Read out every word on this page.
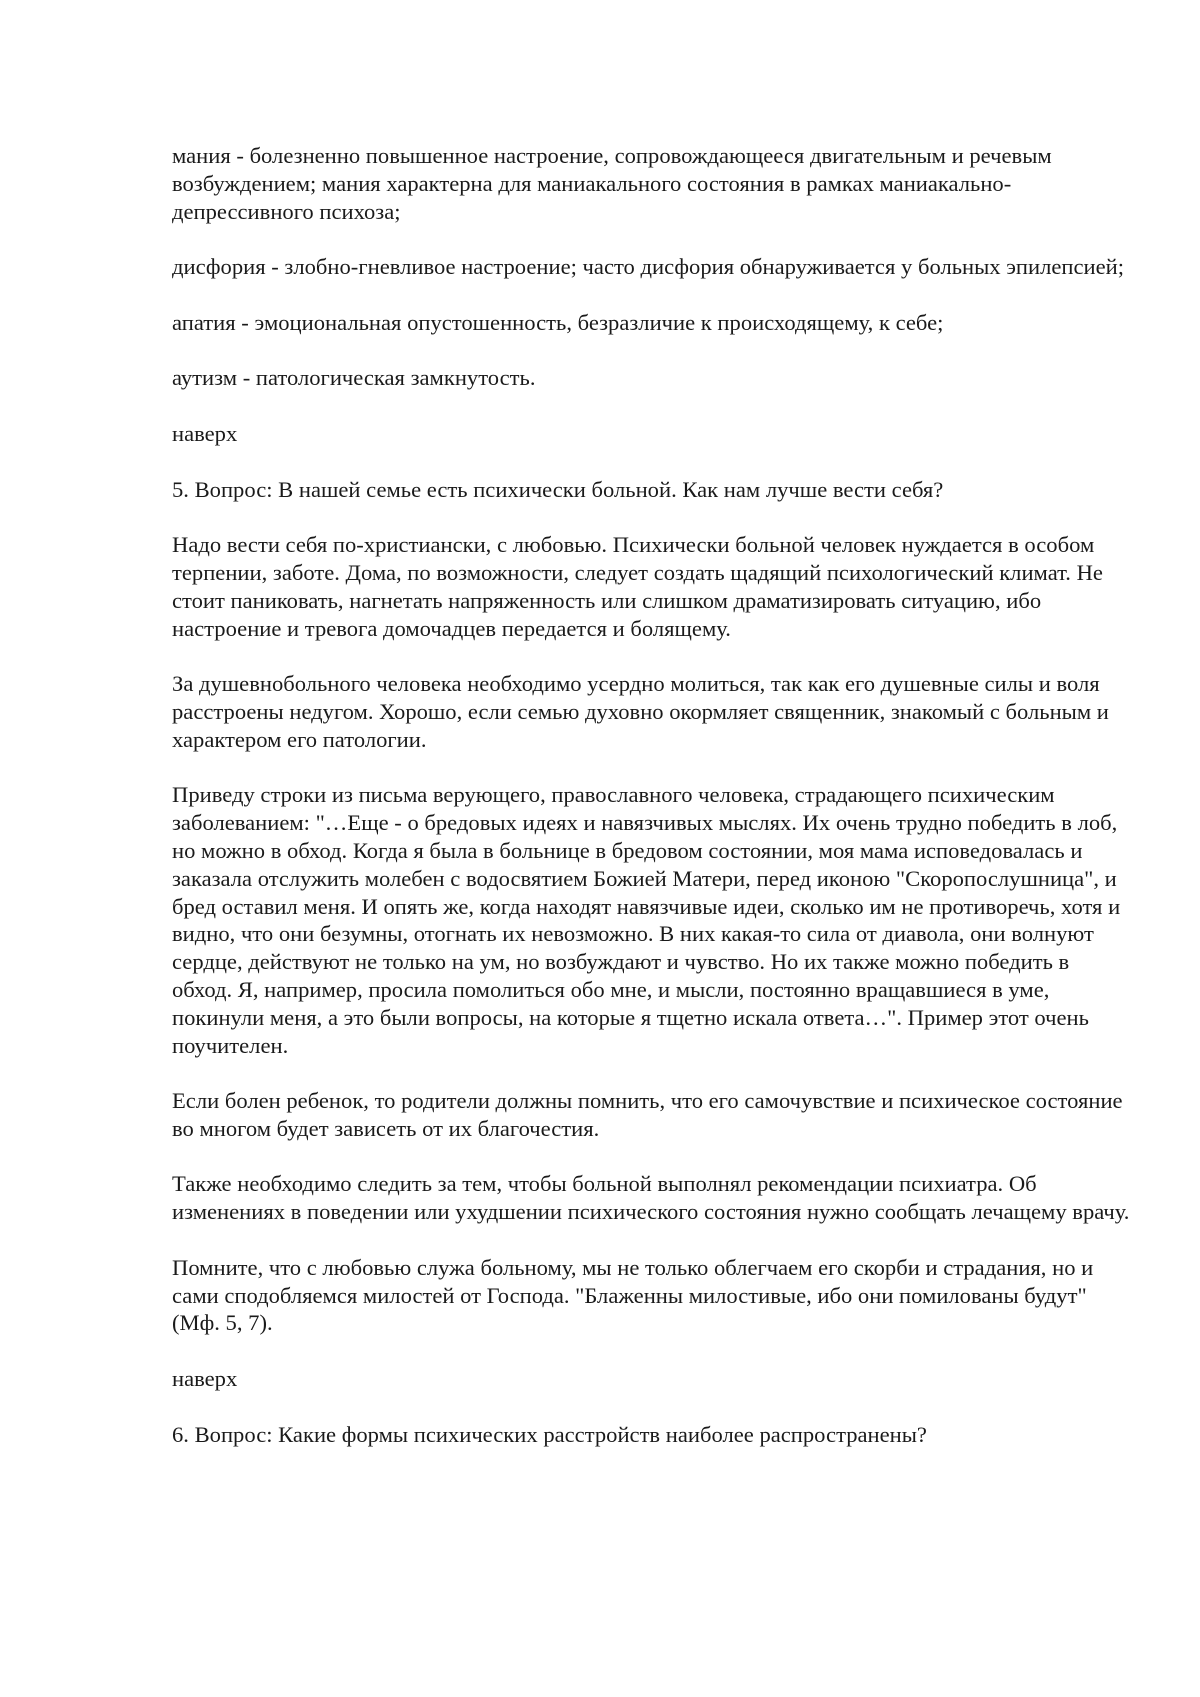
мания - болезненно повышенное настроение, сопровождающееся двигательным и речевым возбуждением; мания характерна для маниакального состояния в рамках маниакально-депрессивного психоза;

дисфория - злобно-гневливое настроение; часто дисфория обнаруживается у больных эпилепсией;

апатия - эмоциональная опустошенность, безразличие к происходящему, к себе;

аутизм - патологическая замкнутость.

наверх

5. Вопрос: В нашей семье есть психически больной. Как нам лучше вести себя?

Надо вести себя по-христиански, с любовью. Психически больной человек нуждается в особом терпении, заботе. Дома, по возможности, следует создать щадящий психологический климат. Не стоит паниковать, нагнетать напряженность или слишком драматизировать ситуацию, ибо настроение и тревога домочадцев передается и болящему.

За душевнобольного человека необходимо усердно молиться, так как его душевные силы и воля расстроены недугом. Хорошо, если семью духовно окормляет священник, знакомый с больным и характером его патологии.

Приведу строки из письма верующего, православного человека, страдающего психическим заболеванием: "…Еще - о бредовых идеях и навязчивых мыслях. Их очень трудно победить в лоб, но можно в обход. Когда я была в больнице в бредовом состоянии, моя мама исповедовалась и заказала отслужить молебен с водосвятием Божией Матери, перед иконою "Скоропослушница", и бред оставил меня. И опять же, когда находят навязчивые идеи, сколько им не противоречь, хотя и видно, что они безумны, отогнать их невозможно. В них какая-то сила от диавола, они волнуют сердце, действуют не только на ум, но возбуждают и чувство. Но их также можно победить в обход. Я, например, просила помолиться обо мне, и мысли, постоянно вращавшиеся в уме, покинули меня, а это были вопросы, на которые я тщетно искала ответа…". Пример этот очень поучителен.

Если болен ребенок, то родители должны помнить, что его самочувствие и психическое состояние во многом будет зависеть от их благочестия.

Также необходимо следить за тем, чтобы больной выполнял рекомендации психиатра. Об изменениях в поведении или ухудшении психического состояния нужно сообщать лечащему врачу.

Помните, что с любовью служа больному, мы не только облегчаем его скорби и страдания, но и сами сподобляемся милостей от Господа. "Блаженны милостивые, ибо они помилованы будут" (Мф. 5, 7).

наверх

6. Вопрос: Какие формы психических расстройств наиболее распространены?
